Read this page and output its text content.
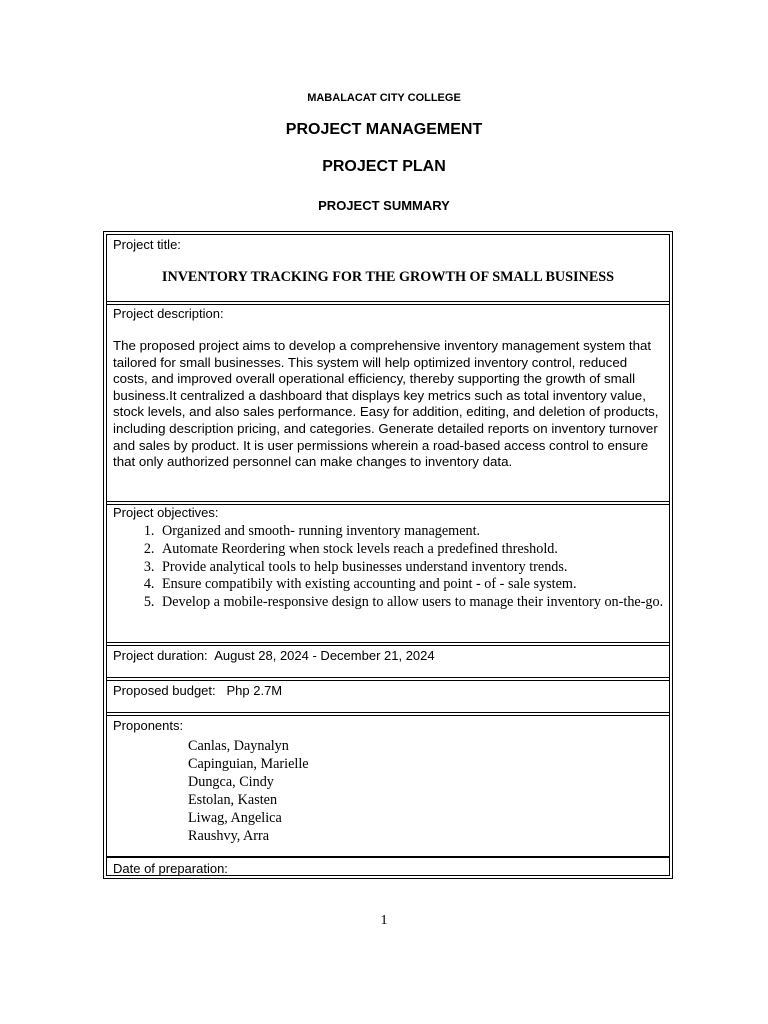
MABALACAT CITY COLLEGE
PROJECT MANAGEMENT
PROJECT PLAN
PROJECT SUMMARY
Project title:
INVENTORY TRACKING FOR THE GROWTH OF SMALL BUSINESS
Project description:
The proposed project aims to develop a comprehensive inventory management system that tailored for small businesses. This system will help optimized inventory control, reduced costs, and improved overall operational efficiency, thereby supporting the growth of small business.It centralized a dashboard that displays key metrics such as total inventory value, stock levels, and also sales performance. Easy for addition, editing, and deletion of products, including description pricing, and categories. Generate detailed reports on inventory turnover and sales by product. It is user permissions wherein a road-based access control to ensure that only authorized personnel can make changes to inventory data.
Project objectives:
1. Organized and smooth- running inventory management.
2. Automate Reordering when stock levels reach a predefined threshold.
3. Provide analytical tools to help businesses understand inventory trends.
4. Ensure compatibily with existing accounting and point - of - sale system.
5. Develop a mobile-responsive design to allow users to manage their inventory on-the-go.
Project duration: August 28, 2024 - December 21, 2024
Proposed budget: Php 2.7M
Proponents:
Canlas, Daynalyn
Capinguian, Marielle
Dungca, Cindy
Estolan, Kasten
Liwag, Angelica
Raushvy, Arra
Date of preparation:
1
